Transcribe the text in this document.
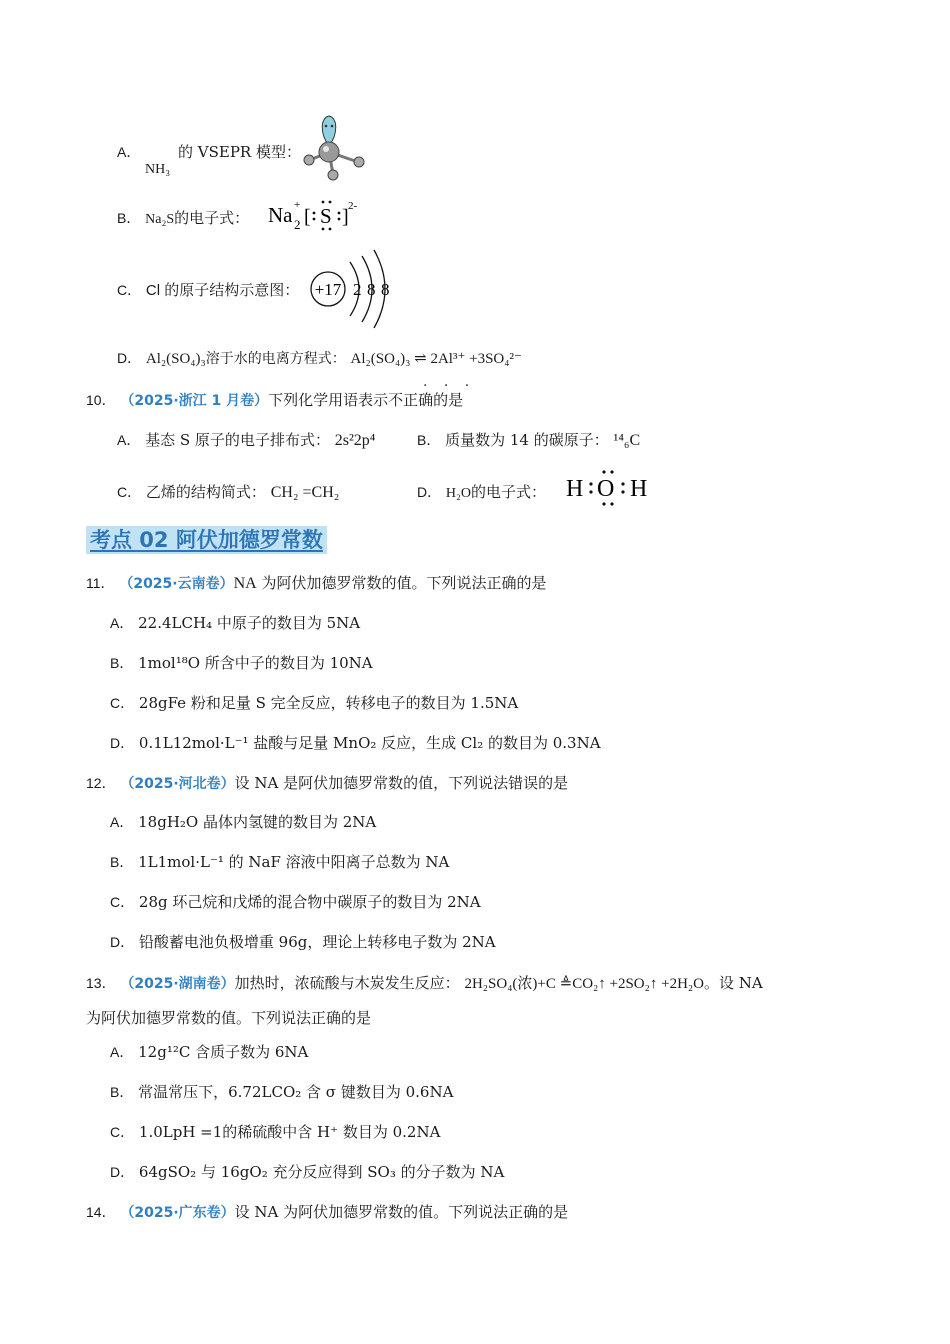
A．
NH₃
的 VSEPR 模型：
B． Na₂S的电子式： Na +
2 [ S ] 2-
C． Cl 的原子结构示意图： +17 2 8 8
D． Al₂(SO₄)₃溶于水的电离方程式： Al₂(SO₄)₃ ⇌ 2Al³⁺ +3SO₄²⁻
· · ·
10． （2025·浙江 1 月卷）下列化学用语表示不正确的是
A． 基态 S 原子的电子排布式： 2s²2p⁴	B． 质量数为 14 的碳原子： ¹⁴₆C
C． 乙烯的结构简式： CH₂ =CH₂	D． H₂O的电子式： H O H
考点 02 阿伏加德罗常数
11． （2025·云南卷）NA 为阿伏加德罗常数的值。下列说法正确的是
A． 22.4LCH₄ 中原子的数目为 5NA
B． 1mol¹⁸O 所含中子的数目为 10NA
C． 28gFe 粉和足量 S 完全反应，转移电子的数目为 1.5NA
D． 0.1L12mol·L⁻¹ 盐酸与足量 MnO₂ 反应，生成 Cl₂ 的数目为 0.3NA
12． （2025·河北卷）设 NA 是阿伏加德罗常数的值，下列说法错误的是
A． 18gH₂O 晶体内氢键的数目为 2NA
B． 1L1mol·L⁻¹ 的 NaF 溶液中阳离子总数为 NA
C． 28g 环己烷和戊烯的混合物中碳原子的数目为 2NA
D． 铅酸蓄电池负极增重 96g，理论上转移电子数为 2NA
13． （2025·湖南卷）加热时，浓硫酸与木炭发生反应： 2H₂SO₄(浓)+C ≜CO₂↑ +2SO₂↑ +2H₂O。设 NA
为阿伏加德罗常数的值。下列说法正确的是
A． 12g¹²C 含质子数为 6NA
B． 常温常压下，6.72LCO₂ 含 σ 键数目为 0.6NA
C． 1.0LpH =1的稀硫酸中含 H⁺ 数目为 0.2NA
D． 64gSO₂ 与 16gO₂ 充分反应得到 SO₃ 的分子数为 NA
14． （2025·广东卷）设 NA 为阿伏加德罗常数的值。下列说法正确的是
